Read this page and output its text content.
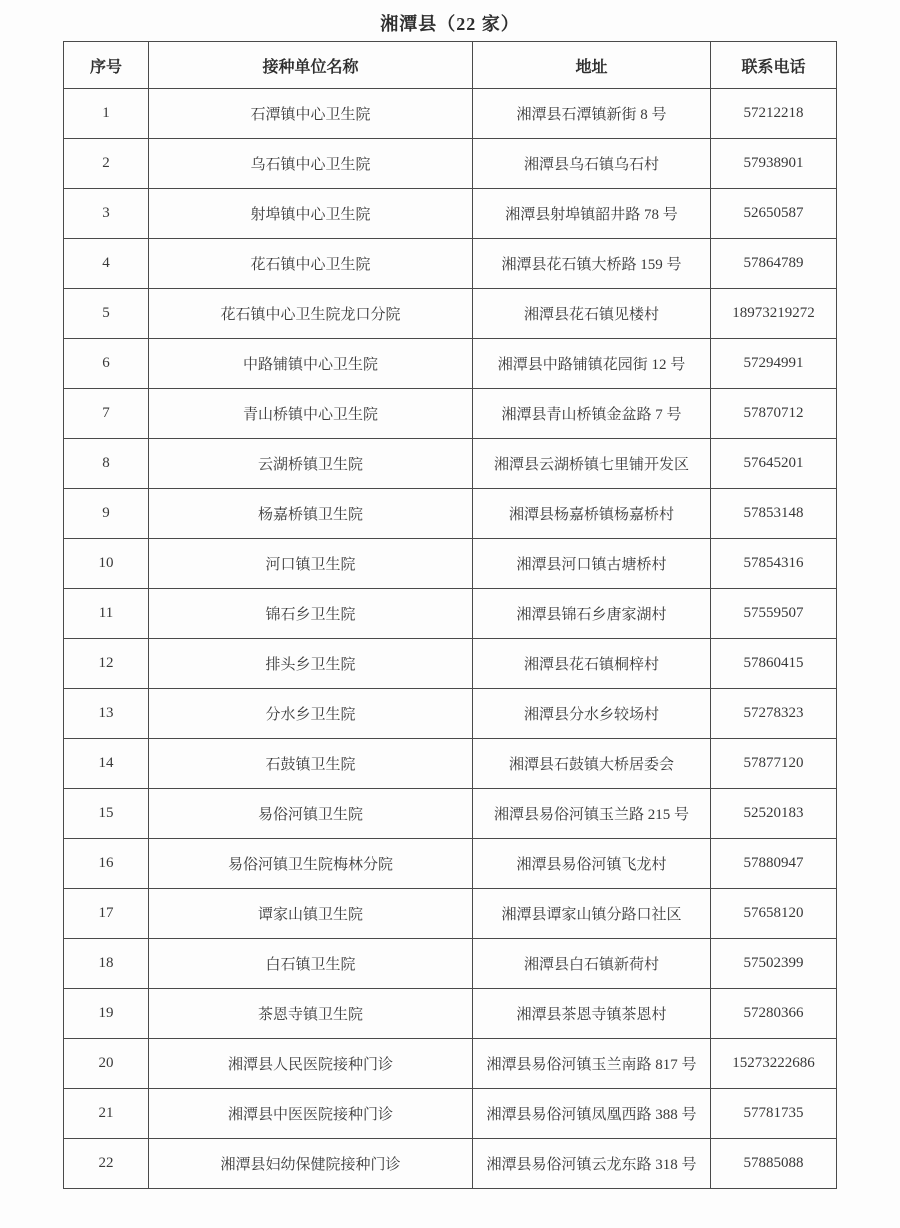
湘潭县（22 家）
序号	接种单位名称	地址	联系电话
1	石潭镇中心卫生院	湘潭县石潭镇新街 8 号	57212218
2	乌石镇中心卫生院	湘潭县乌石镇乌石村	57938901
3	射埠镇中心卫生院	湘潭县射埠镇韶井路 78 号	52650587
4	花石镇中心卫生院	湘潭县花石镇大桥路 159 号	57864789
5	花石镇中心卫生院龙口分院	湘潭县花石镇见楼村	18973219272
6	中路铺镇中心卫生院	湘潭县中路铺镇花园街 12 号	57294991
7	青山桥镇中心卫生院	湘潭县青山桥镇金盆路 7 号	57870712
8	云湖桥镇卫生院	湘潭县云湖桥镇七里铺开发区	57645201
9	杨嘉桥镇卫生院	湘潭县杨嘉桥镇杨嘉桥村	57853148
10	河口镇卫生院	湘潭县河口镇古塘桥村	57854316
11	锦石乡卫生院	湘潭县锦石乡唐家湖村	57559507
12	排头乡卫生院	湘潭县花石镇桐梓村	57860415
13	分水乡卫生院	湘潭县分水乡较场村	57278323
14	石鼓镇卫生院	湘潭县石鼓镇大桥居委会	57877120
15	易俗河镇卫生院	湘潭县易俗河镇玉兰路 215 号	52520183
16	易俗河镇卫生院梅林分院	湘潭县易俗河镇飞龙村	57880947
17	谭家山镇卫生院	湘潭县谭家山镇分路口社区	57658120
18	白石镇卫生院	湘潭县白石镇新荷村	57502399
19	茶恩寺镇卫生院	湘潭县茶恩寺镇茶恩村	57280366
20	湘潭县人民医院接种门诊	湘潭县易俗河镇玉兰南路 817 号	15273222686
21	湘潭县中医医院接种门诊	湘潭县易俗河镇凤凰西路 388 号	57781735
22	湘潭县妇幼保健院接种门诊	湘潭县易俗河镇云龙东路 318 号	57885088
